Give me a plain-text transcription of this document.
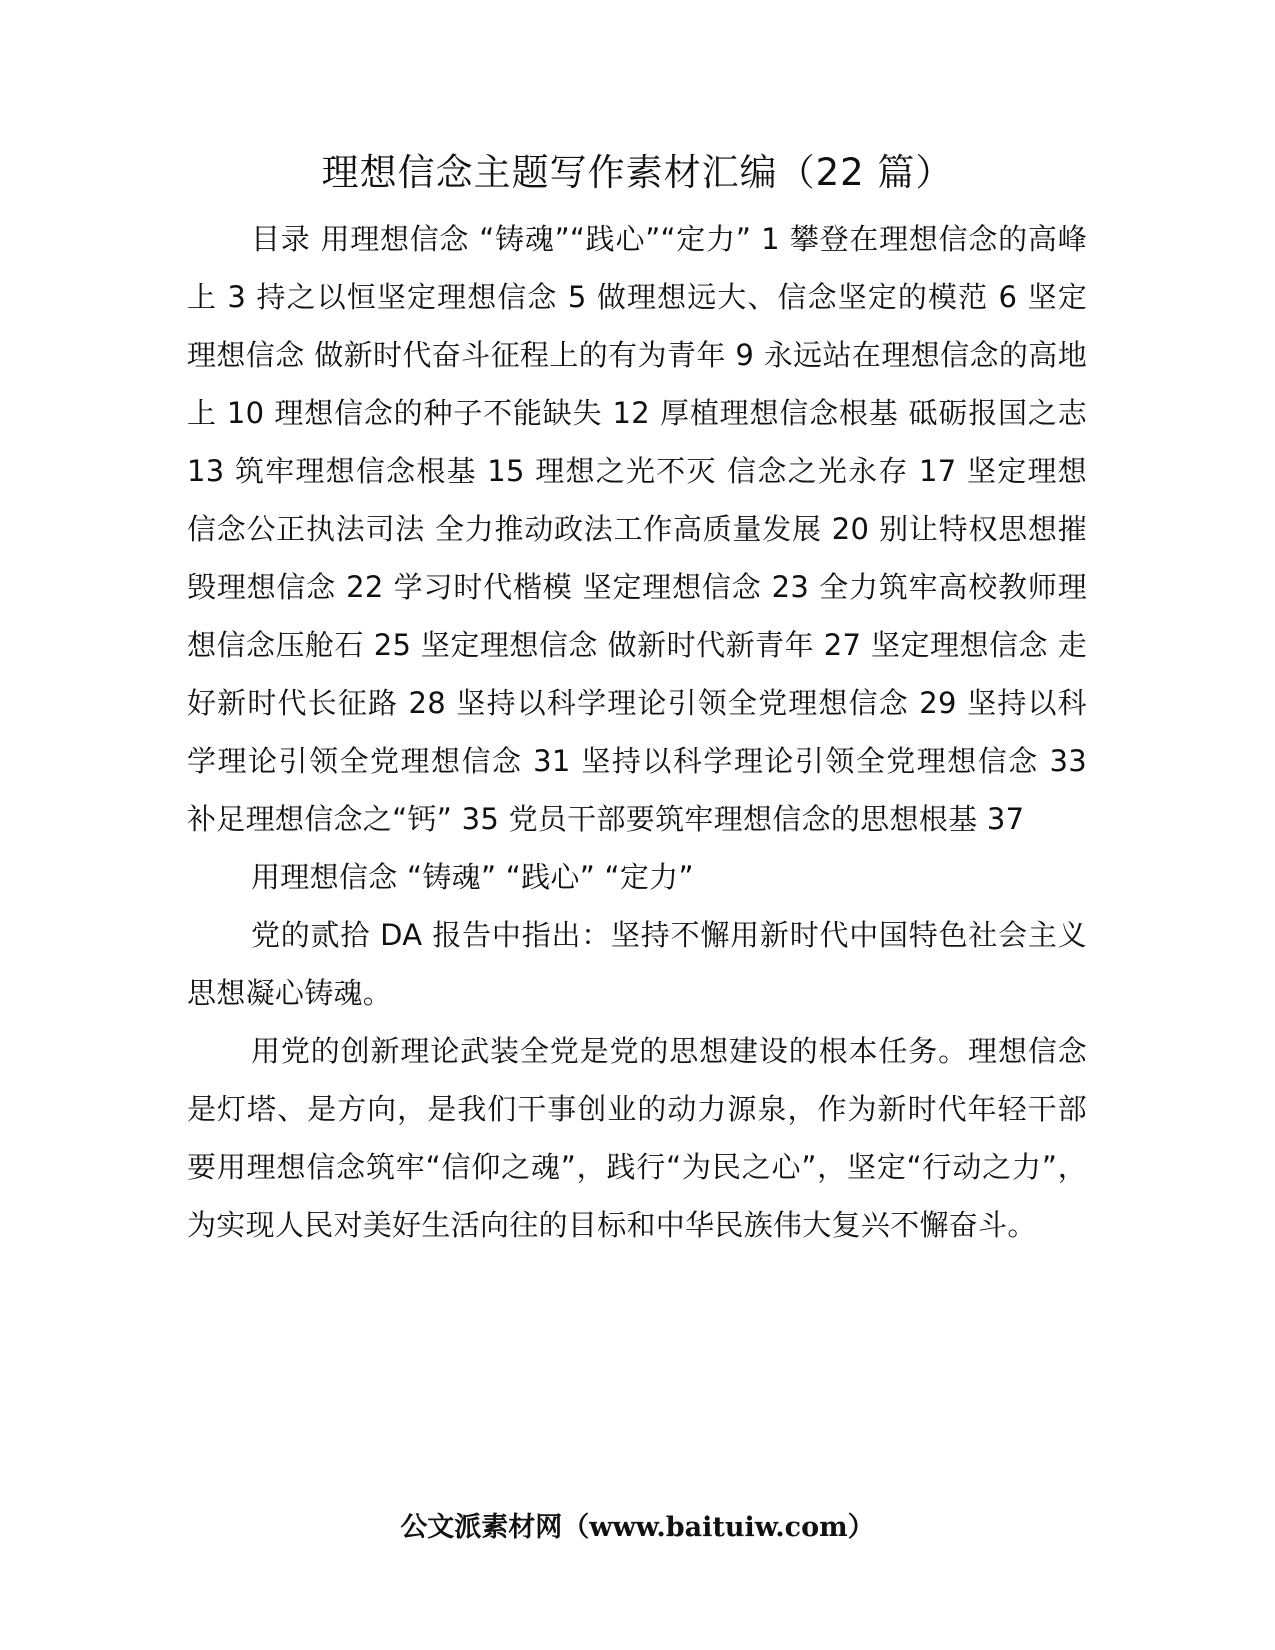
理想信念主题写作素材汇编（22 篇）

目录 用理想信念 “铸魂”“践心”“定力” 1 攀登在理想信念的高峰上 3 持之以恒坚定理想信念 5 做理想远大、信念坚定的模范 6 坚定理想信念 做新时代奋斗征程上的有为青年 9 永远站在理想信念的高地上 10 理想信念的种子不能缺失 12 厚植理想信念根基 砥砺报国之志 13 筑牢理想信念根基 15 理想之光不灭 信念之光永存 17 坚定理想信念公正执法司法 全力推动政法工作高质量发展 20 别让特权思想摧毁理想信念 22 学习时代楷模 坚定理想信念 23 全力筑牢高校教师理想信念压舱石 25 坚定理想信念 做新时代新青年 27 坚定理想信念 走好新时代长征路 28 坚持以科学理论引领全党理想信念 29 坚持以科学理论引领全党理想信念 31 坚持以科学理论引领全党理想信念 33 补足理想信念之“钙” 35 党员干部要筑牢理想信念的思想根基 37

用理想信念 “铸魂” “践心” “定力”

党的贰拾 DA 报告中指出：坚持不懈用新时代中国特色社会主义思想凝心铸魂。

用党的创新理论武装全党是党的思想建设的根本任务。理想信念是灯塔、是方向，是我们干事创业的动力源泉，作为新时代年轻干部要用理想信念筑牢“信仰之魂”，践行“为民之心”，坚定“行动之力”，为实现人民对美好生活向往的目标和中华民族伟大复兴不懈奋斗。

公文派素材网（www.baituiw.com）
